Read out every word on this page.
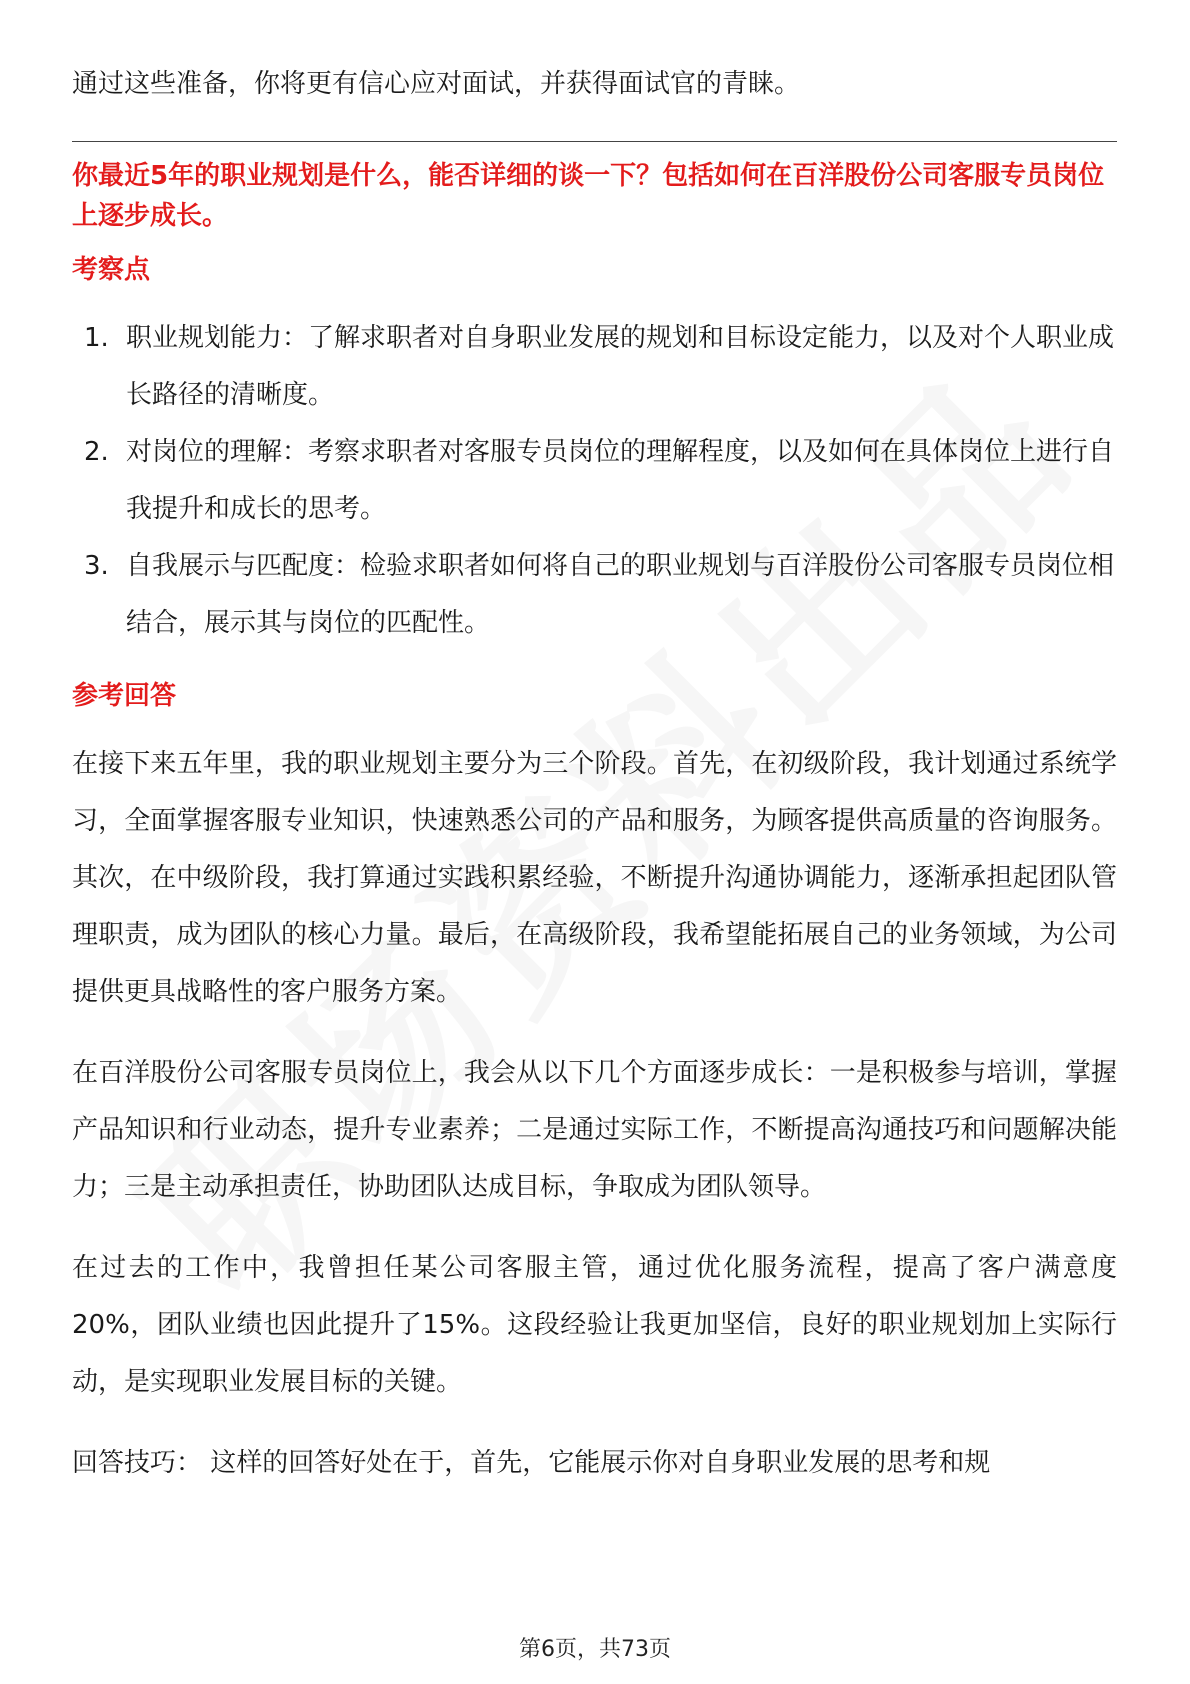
通过这些准备，你将更有信心应对面试，并获得面试官的青睐。

你最近5年的职业规划是什么，能否详细的谈一下？包括如何在百洋股份公司客服专员岗位上逐步成长。

考察点
1. 职业规划能力：了解求职者对自身职业发展的规划和目标设定能力，以及对个人职业成长路径的清晰度。
2. 对岗位的理解：考察求职者对客服专员岗位的理解程度，以及如何在具体岗位上进行自我提升和成长的思考。
3. 自我展示与匹配度：检验求职者如何将自己的职业规划与百洋股份公司客服专员岗位相结合，展示其与岗位的匹配性。
参考回答

在接下来五年里，我的职业规划主要分为三个阶段。首先，在初级阶段，我计划通过系统学习，全面掌握客服专业知识，快速熟悉公司的产品和服务，为顾客提供高质量的咨询服务。其次，在中级阶段，我打算通过实践积累经验，不断提升沟通协调能力，逐渐承担起团队管理职责，成为团队的核心力量。最后，在高级阶段，我希望能拓展自己的业务领域，为公司提供更具战略性的客户服务方案。

在百洋股份公司客服专员岗位上，我会从以下几个方面逐步成长：一是积极参与培训，掌握产品知识和行业动态，提升专业素养；二是通过实际工作，不断提高沟通技巧和问题解决能力；三是主动承担责任，协助团队达成目标，争取成为团队领导。

在过去的工作中，我曾担任某公司客服主管，通过优化服务流程，提高了客户满意度20%，团队业绩也因此提升了15%。这段经验让我更加坚信，良好的职业规划加上实际行动，是实现职业发展目标的关键。

回答技巧： 这样的回答好处在于，首先，它能展示你对自身职业发展的思考和规

第6页，共73页
